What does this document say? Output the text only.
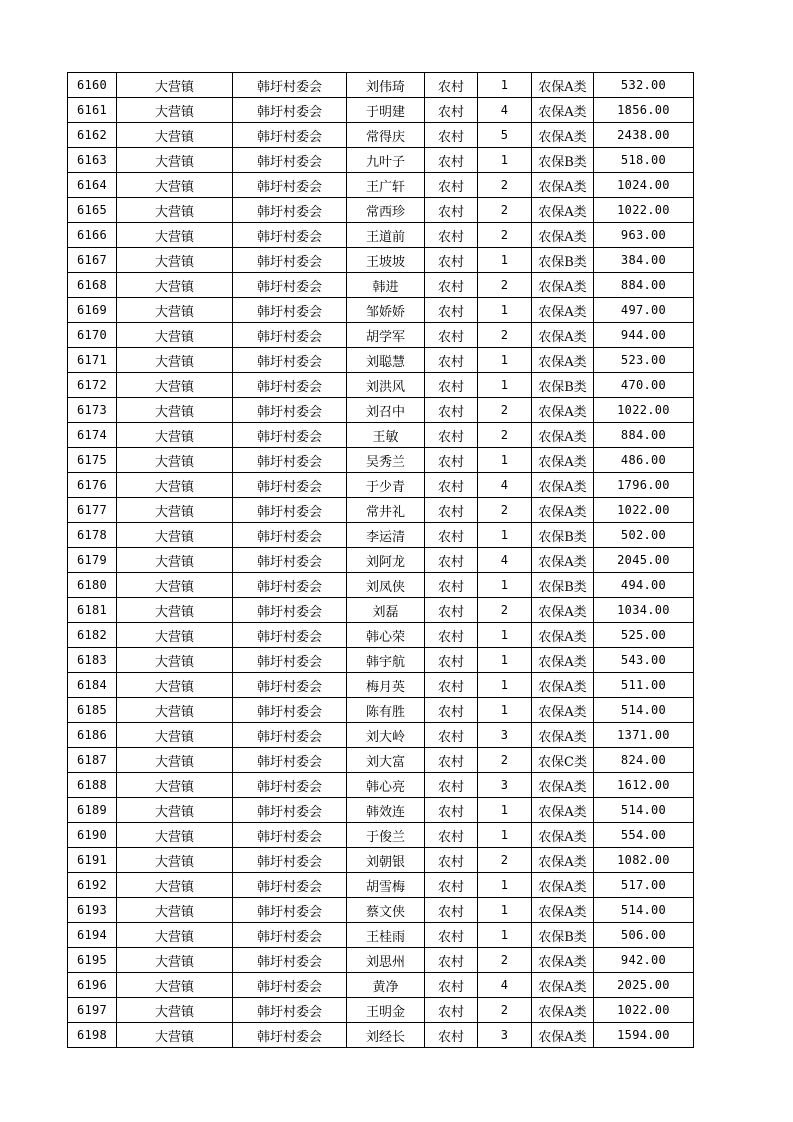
6160	大营镇	韩圩村委会	刘伟琦	农村	1	农保A类	532.00
6161	大营镇	韩圩村委会	于明建	农村	4	农保A类	1856.00
6162	大营镇	韩圩村委会	常得庆	农村	5	农保A类	2438.00
6163	大营镇	韩圩村委会	九叶子	农村	1	农保B类	518.00
6164	大营镇	韩圩村委会	王广轩	农村	2	农保A类	1024.00
6165	大营镇	韩圩村委会	常西珍	农村	2	农保A类	1022.00
6166	大营镇	韩圩村委会	王道前	农村	2	农保A类	963.00
6167	大营镇	韩圩村委会	王坡坡	农村	1	农保B类	384.00
6168	大营镇	韩圩村委会	韩进	农村	2	农保A类	884.00
6169	大营镇	韩圩村委会	邹娇娇	农村	1	农保A类	497.00
6170	大营镇	韩圩村委会	胡学军	农村	2	农保A类	944.00
6171	大营镇	韩圩村委会	刘聪慧	农村	1	农保A类	523.00
6172	大营镇	韩圩村委会	刘洪风	农村	1	农保B类	470.00
6173	大营镇	韩圩村委会	刘召中	农村	2	农保A类	1022.00
6174	大营镇	韩圩村委会	王敏	农村	2	农保A类	884.00
6175	大营镇	韩圩村委会	吴秀兰	农村	1	农保A类	486.00
6176	大营镇	韩圩村委会	于少青	农村	4	农保A类	1796.00
6177	大营镇	韩圩村委会	常井礼	农村	2	农保A类	1022.00
6178	大营镇	韩圩村委会	李运清	农村	1	农保B类	502.00
6179	大营镇	韩圩村委会	刘阿龙	农村	4	农保A类	2045.00
6180	大营镇	韩圩村委会	刘凤侠	农村	1	农保B类	494.00
6181	大营镇	韩圩村委会	刘磊	农村	2	农保A类	1034.00
6182	大营镇	韩圩村委会	韩心荣	农村	1	农保A类	525.00
6183	大营镇	韩圩村委会	韩宇航	农村	1	农保A类	543.00
6184	大营镇	韩圩村委会	梅月英	农村	1	农保A类	511.00
6185	大营镇	韩圩村委会	陈有胜	农村	1	农保A类	514.00
6186	大营镇	韩圩村委会	刘大岭	农村	3	农保A类	1371.00
6187	大营镇	韩圩村委会	刘大富	农村	2	农保C类	824.00
6188	大营镇	韩圩村委会	韩心亮	农村	3	农保A类	1612.00
6189	大营镇	韩圩村委会	韩效连	农村	1	农保A类	514.00
6190	大营镇	韩圩村委会	于俊兰	农村	1	农保A类	554.00
6191	大营镇	韩圩村委会	刘朝银	农村	2	农保A类	1082.00
6192	大营镇	韩圩村委会	胡雪梅	农村	1	农保A类	517.00
6193	大营镇	韩圩村委会	蔡文侠	农村	1	农保A类	514.00
6194	大营镇	韩圩村委会	王桂雨	农村	1	农保B类	506.00
6195	大营镇	韩圩村委会	刘思州	农村	2	农保A类	942.00
6196	大营镇	韩圩村委会	黄净	农村	4	农保A类	2025.00
6197	大营镇	韩圩村委会	王明金	农村	2	农保A类	1022.00
6198	大营镇	韩圩村委会	刘经长	农村	3	农保A类	1594.00
